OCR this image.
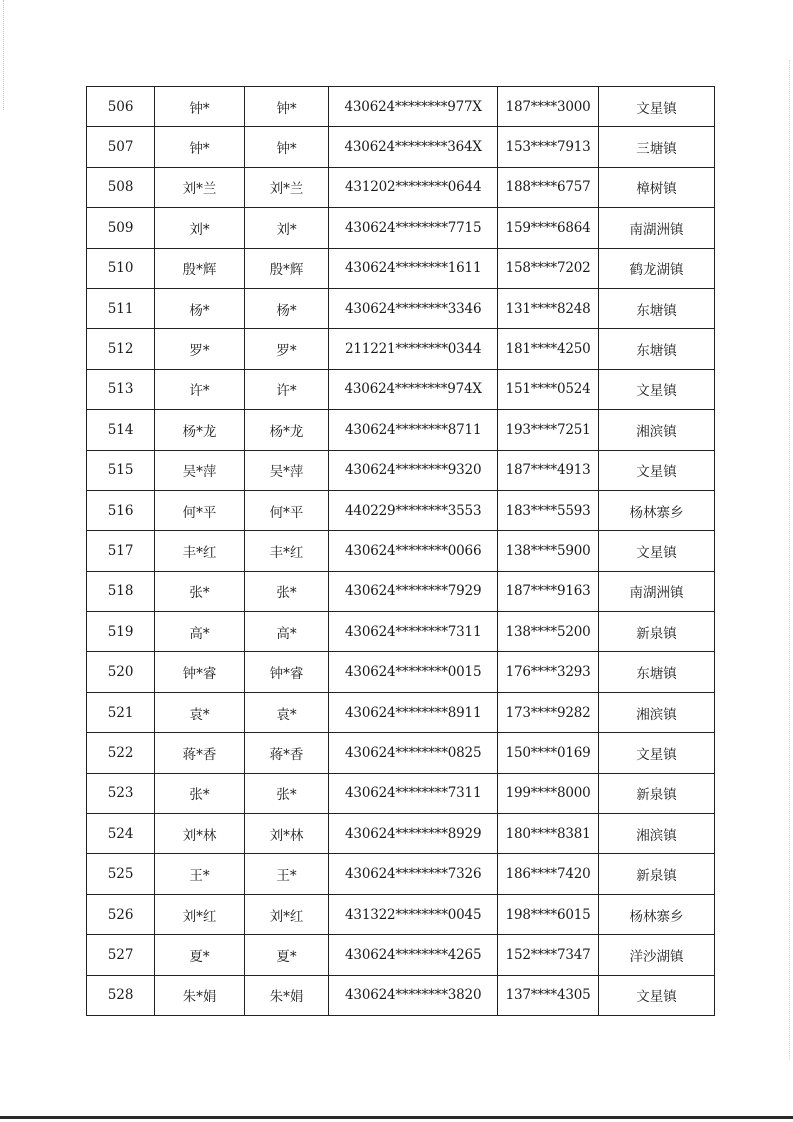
506	钟*	钟*	430624********977X	187****3000	文星镇
507	钟*	钟*	430624********364X	153****7913	三塘镇
508	刘*兰	刘*兰	431202********0644	188****6757	樟树镇
509	刘*	刘*	430624********7715	159****6864	南湖洲镇
510	殷*辉	殷*辉	430624********1611	158****7202	鹤龙湖镇
511	杨*	杨*	430624********3346	131****8248	东塘镇
512	罗*	罗*	211221********0344	181****4250	东塘镇
513	许*	许*	430624********974X	151****0524	文星镇
514	杨*龙	杨*龙	430624********8711	193****7251	湘滨镇
515	吴*萍	吴*萍	430624********9320	187****4913	文星镇
516	何*平	何*平	440229********3553	183****5593	杨林寨乡
517	丰*红	丰*红	430624********0066	138****5900	文星镇
518	张*	张*	430624********7929	187****9163	南湖洲镇
519	高*	高*	430624********7311	138****5200	新泉镇
520	钟*睿	钟*睿	430624********0015	176****3293	东塘镇
521	袁*	袁*	430624********8911	173****9282	湘滨镇
522	蒋*香	蒋*香	430624********0825	150****0169	文星镇
523	张*	张*	430624********7311	199****8000	新泉镇
524	刘*林	刘*林	430624********8929	180****8381	湘滨镇
525	王*	王*	430624********7326	186****7420	新泉镇
526	刘*红	刘*红	431322********0045	198****6015	杨林寨乡
527	夏*	夏*	430624********4265	152****7347	洋沙湖镇
528	朱*娟	朱*娟	430624********3820	137****4305	文星镇
